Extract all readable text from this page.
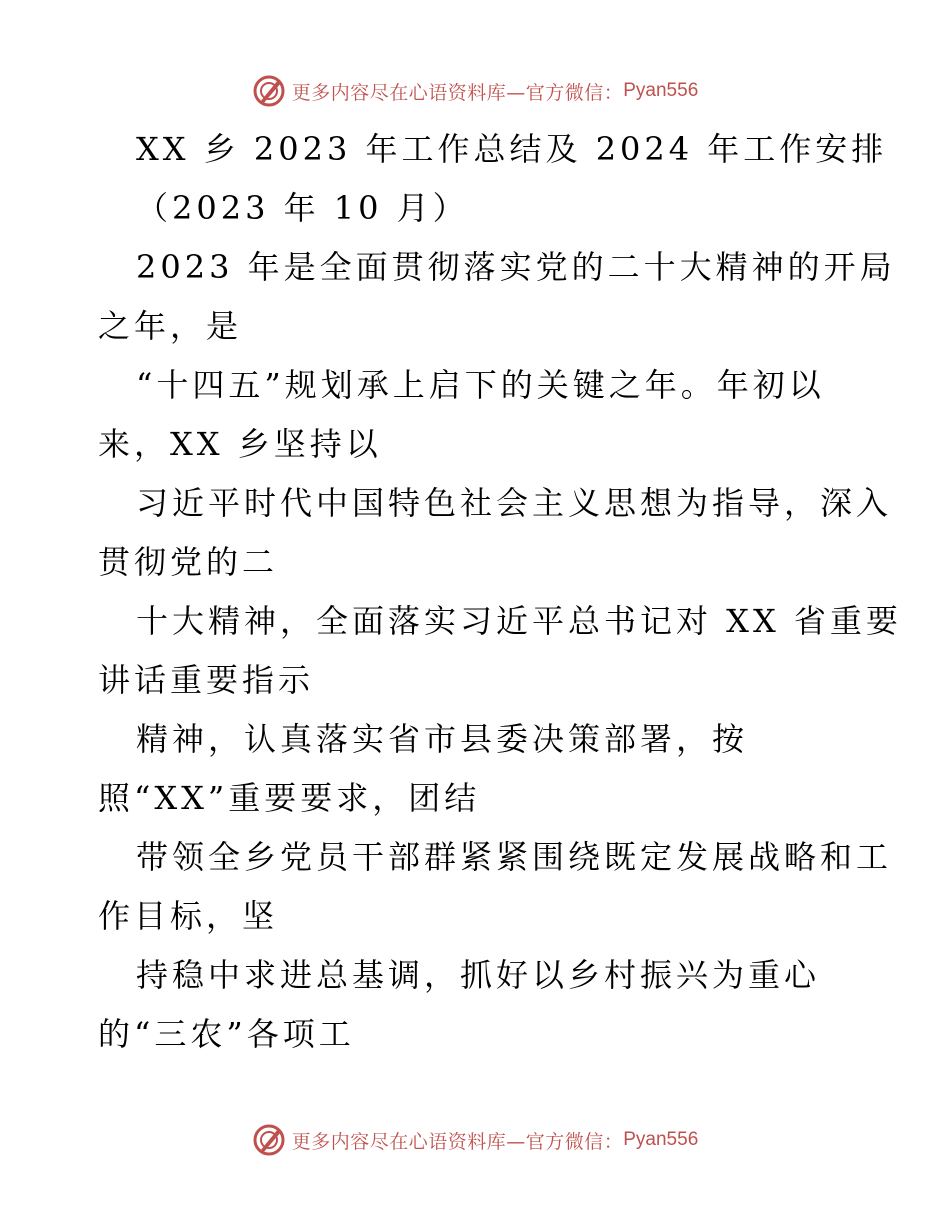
更多内容尽在心语资料库—官方微信： Pyan556
XX 乡 2023 年工作总结及 2024 年工作安排
（2023 年 10 月）
2023 年是全面贯彻落实党的二十大精神的开局
之年，是
“十四五”规划承上启下的关键之年。年初以
来，XX 乡坚持以
习近平时代中国特色社会主义思想为指导，深入
贯彻党的二
十大精神，全面落实习近平总书记对 XX 省重要
讲话重要指示
精神，认真落实省市县委决策部署，按
照“XX”重要要求，团结
带领全乡党员干部群紧紧围绕既定发展战略和工
作目标，坚
持稳中求进总基调，抓好以乡村振兴为重心
的“三农”各项工
更多内容尽在心语资料库—官方微信： Pyan556
